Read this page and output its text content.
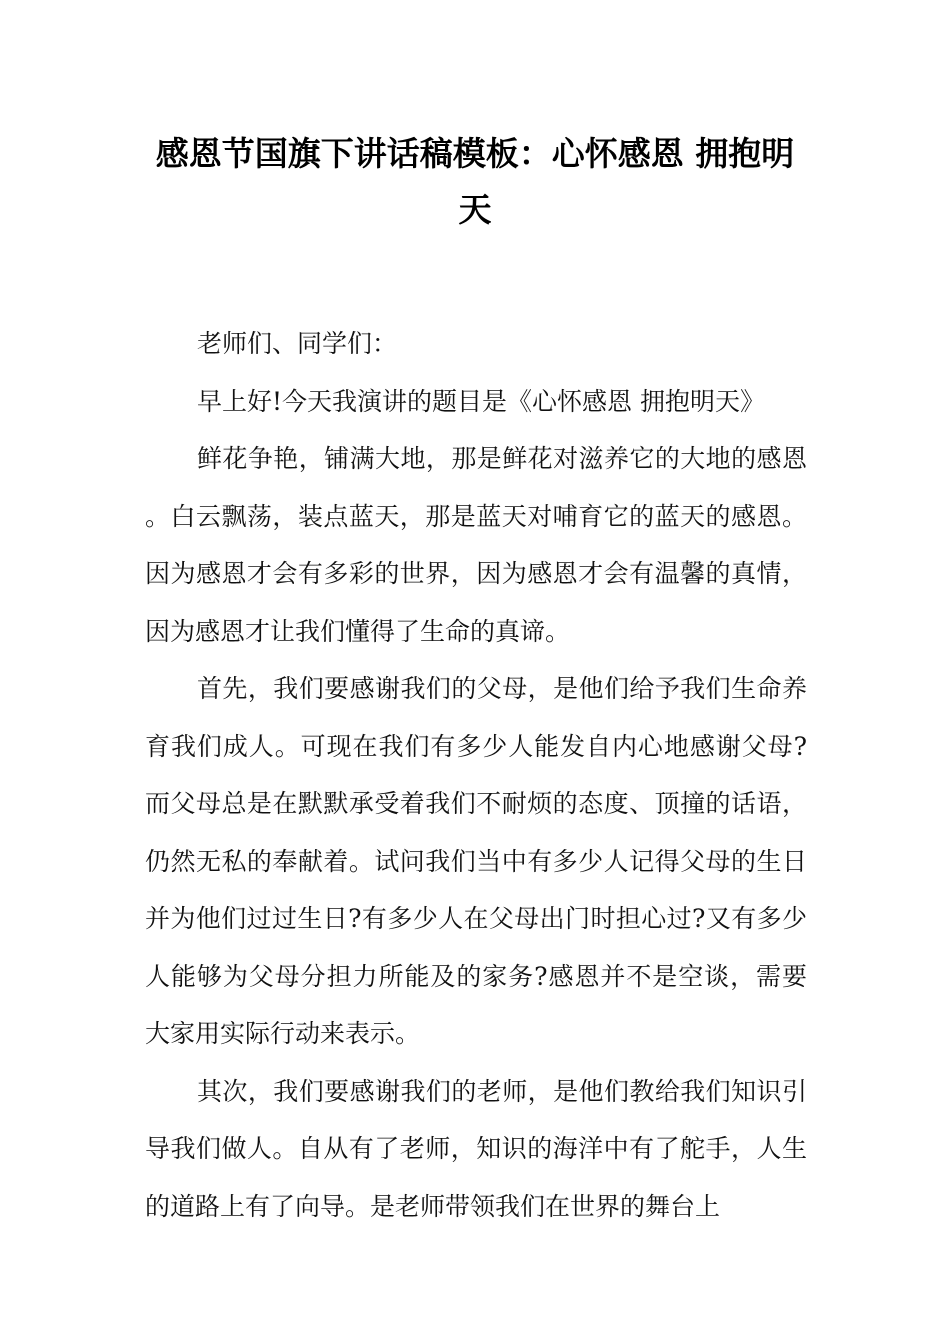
感恩节国旗下讲话稿模板：心怀感恩 拥抱明天

老师们、同学们：

早上好!今天我演讲的题目是《心怀感恩 拥抱明天》

鲜花争艳，铺满大地，那是鲜花对滋养它的大地的感恩。白云飘荡，装点蓝天，那是蓝天对哺育它的蓝天的感恩。因为感恩才会有多彩的世界，因为感恩才会有温馨的真情，因为感恩才让我们懂得了生命的真谛。

首先，我们要感谢我们的父母，是他们给予我们生命养育我们成人。可现在我们有多少人能发自内心地感谢父母?而父母总是在默默承受着我们不耐烦的态度、顶撞的话语，仍然无私的奉献着。试问我们当中有多少人记得父母的生日并为他们过过生日?有多少人在父母出门时担心过?又有多少人能够为父母分担力所能及的家务?感恩并不是空谈，需要大家用实际行动来表示。

其次，我们要感谢我们的老师，是他们教给我们知识引导我们做人。自从有了老师，知识的海洋中有了舵手，人生的道路上有了向导。是老师带领我们在世界的舞台上
